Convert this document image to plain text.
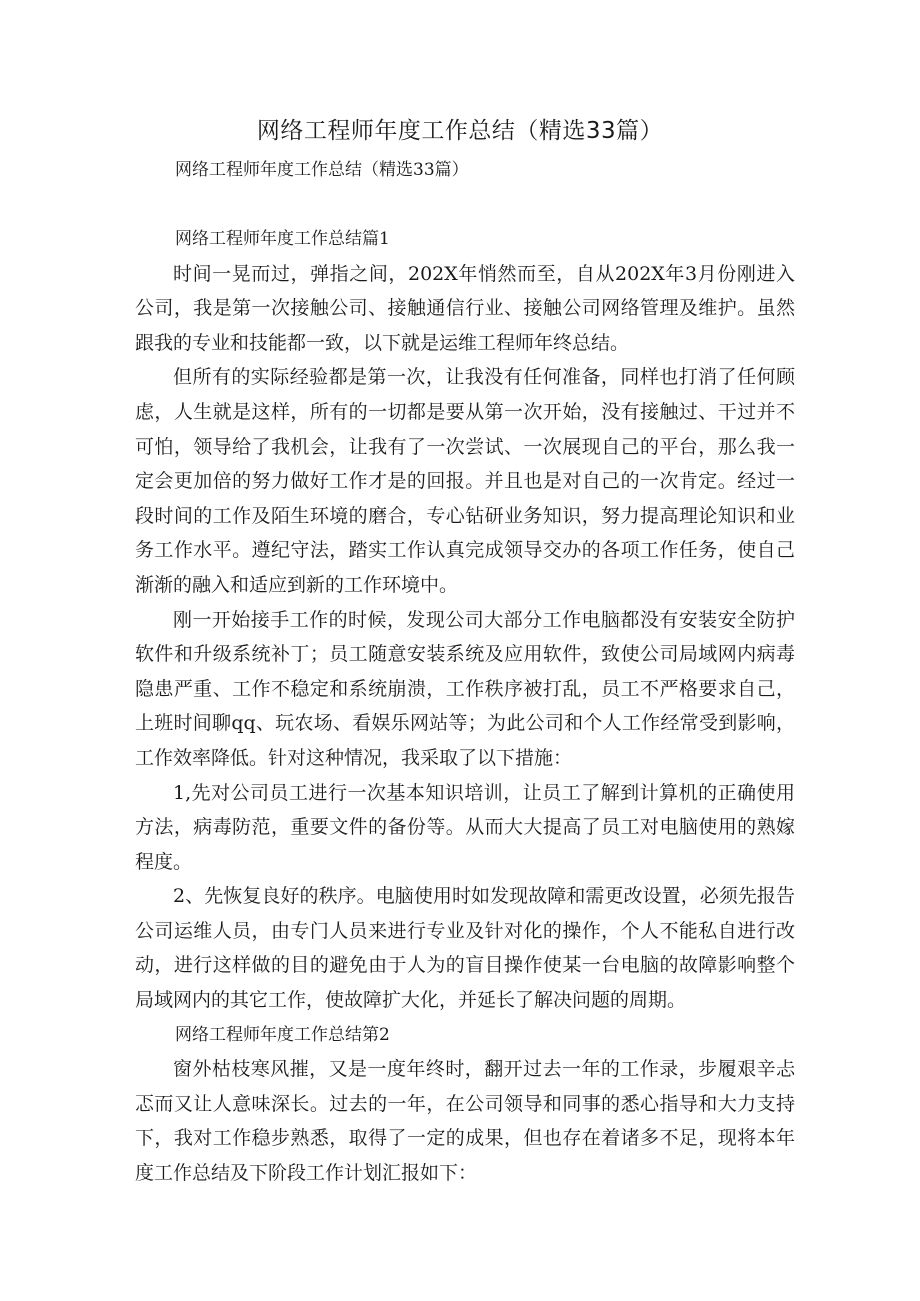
网络工程师年度工作总结（精选33篇）

网络工程师年度工作总结（精选33篇）

网络工程师年度工作总结篇1

时间一晃而过，弹指之间，202X年悄然而至，自从202X年3月份刚进入公司，我是第一次接触公司、接触通信行业、接触公司网络管理及维护。虽然跟我的专业和技能都一致，以下就是运维工程师年终总结。

但所有的实际经验都是第一次，让我没有任何准备，同样也打消了任何顾虑，人生就是这样，所有的一切都是要从第一次开始，没有接触过、干过并不可怕，领导给了我机会，让我有了一次尝试、一次展现自己的平台，那么我一定会更加倍的努力做好工作才是的回报。并且也是对自己的一次肯定。经过一段时间的工作及陌生环境的磨合，专心钻研业务知识，努力提高理论知识和业务工作水平。遵纪守法，踏实工作认真完成领导交办的各项工作任务，使自己渐渐的融入和适应到新的工作环境中。

刚一开始接手工作的时候，发现公司大部分工作电脑都没有安装安全防护软件和升级系统补丁；员工随意安装系统及应用软件，致使公司局域网内病毒隐患严重、工作不稳定和系统崩溃，工作秩序被打乱，员工不严格要求自己，上班时间聊qq、玩农场、看娱乐网站等；为此公司和个人工作经常受到影响，工作效率降低。针对这种情况，我采取了以下措施：

1,先对公司员工进行一次基本知识培训，让员工了解到计算机的正确使用方法，病毒防范，重要文件的备份等。从而大大提高了员工对电脑使用的熟嫁程度。

2、先恢复良好的秩序。电脑使用时如发现故障和需更改设置，必须先报告公司运维人员，由专门人员来进行专业及针对化的操作，个人不能私自进行改动，进行这样做的目的避免由于人为的盲目操作使某一台电脑的故障影响整个局域网内的其它工作，使故障扩大化，并延长了解决问题的周期。

网络工程师年度工作总结第2

窗外枯枝寒风摧，又是一度年终时，翻开过去一年的工作录，步履艰辛忐忑而又让人意味深长。过去的一年，在公司领导和同事的悉心指导和大力支持下，我对工作稳步熟悉，取得了一定的成果，但也存在着诸多不足，现将本年度工作总结及下阶段工作计划汇报如下：
